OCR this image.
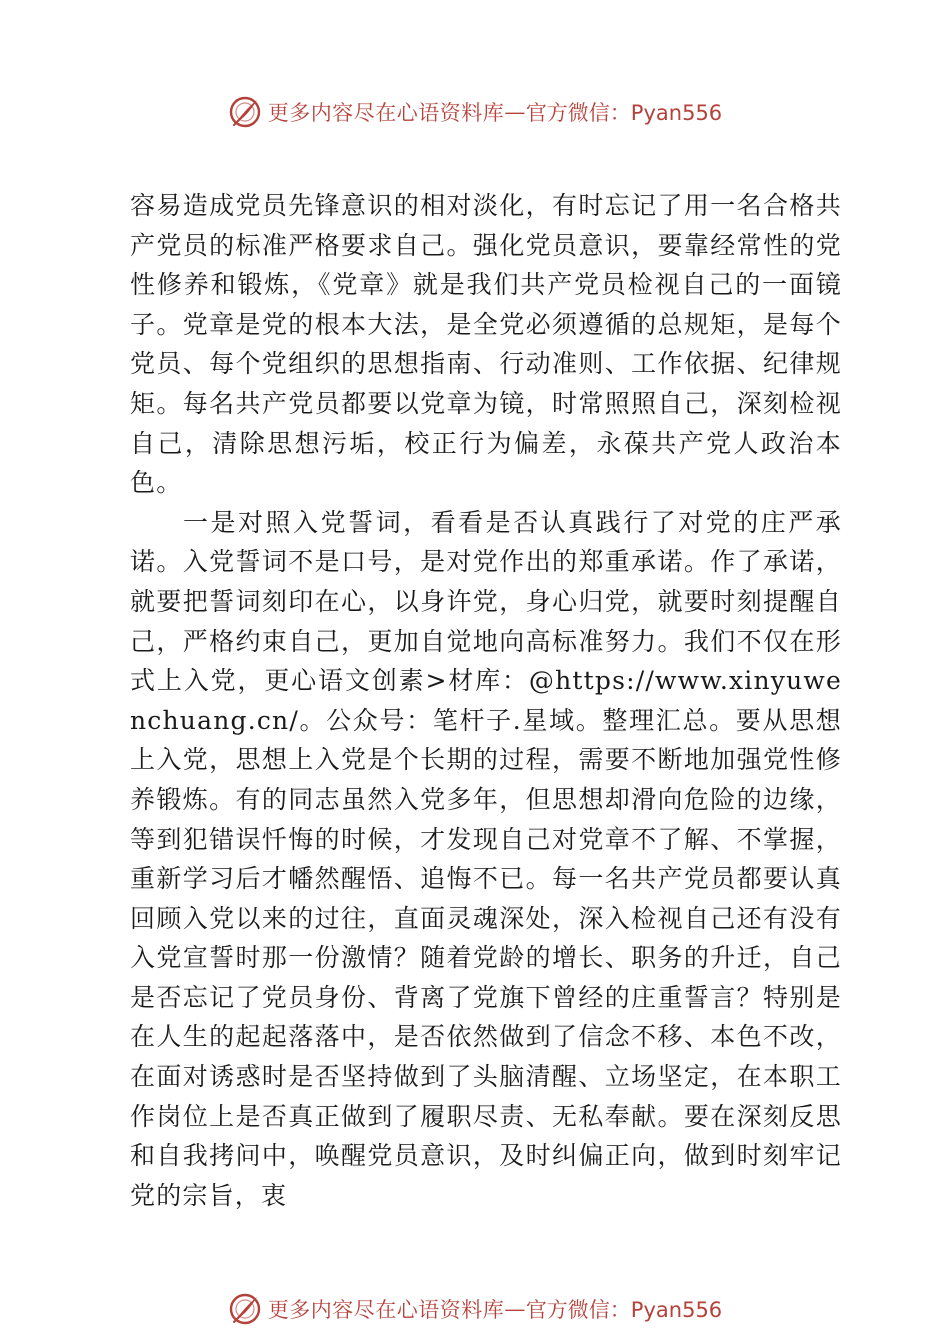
更多内容尽在心语资料库 — 官方微信：Pyan556

容易造成党员先锋意识的相对淡化，有时忘记了用一名合格共产党员的标准严格要求自己。强化党员意识，要靠经常性的党性修养和锻炼，《党章》就是我们共产党员检视自己的一面镜子。党章是党的根本大法，是全党必须遵循的总规矩，是每个党员、每个党组织的思想指南、行动准则、工作依据、纪律规矩。每名共产党员都要以党章为镜，时常照照自己，深刻检视自己，清除思想污垢，校正行为偏差，永葆共产党人政治本色。

一是对照入党誓词，看看是否认真践行了对党的庄严承诺。入党誓词不是口号，是对党作出的郑重承诺。作了承诺，就要把誓词刻印在心，以身许党，身心归党，就要时刻提醒自己，严格约束自己，更加自觉地向高标准努力。我们不仅在形式上入党，更心语文创素>材库：@https://www.xinyuwenchuang.cn/。公众号：笔杆子.星域。整理汇总。要从思想上入党，思想上入党是个长期的过程，需要不断地加强党性修养锻炼。有的同志虽然入党多年，但思想却滑向危险的边缘，等到犯错误忏悔的时候，才发现自己对党章不了解、不掌握，重新学习后才幡然醒悟、追悔不已。每一名共产党员都要认真回顾入党以来的过往，直面灵魂深处，深入检视自己还有没有入党宣誓时那一份激情？随着党龄的增长、职务的升迁，自己是否忘记了党员身份、背离了党旗下曾经的庄重誓言？特别是在人生的起起落落中，是否依然做到了信念不移、本色不改，在面对诱惑时是否坚持做到了头脑清醒、立场坚定，在本职工作岗位上是否真正做到了履职尽责、无私奉献。要在深刻反思和自我拷问中，唤醒党员意识，及时纠偏正向，做到时刻牢记党的宗旨，衷

更多内容尽在心语资料库 — 官方微信：Pyan556
